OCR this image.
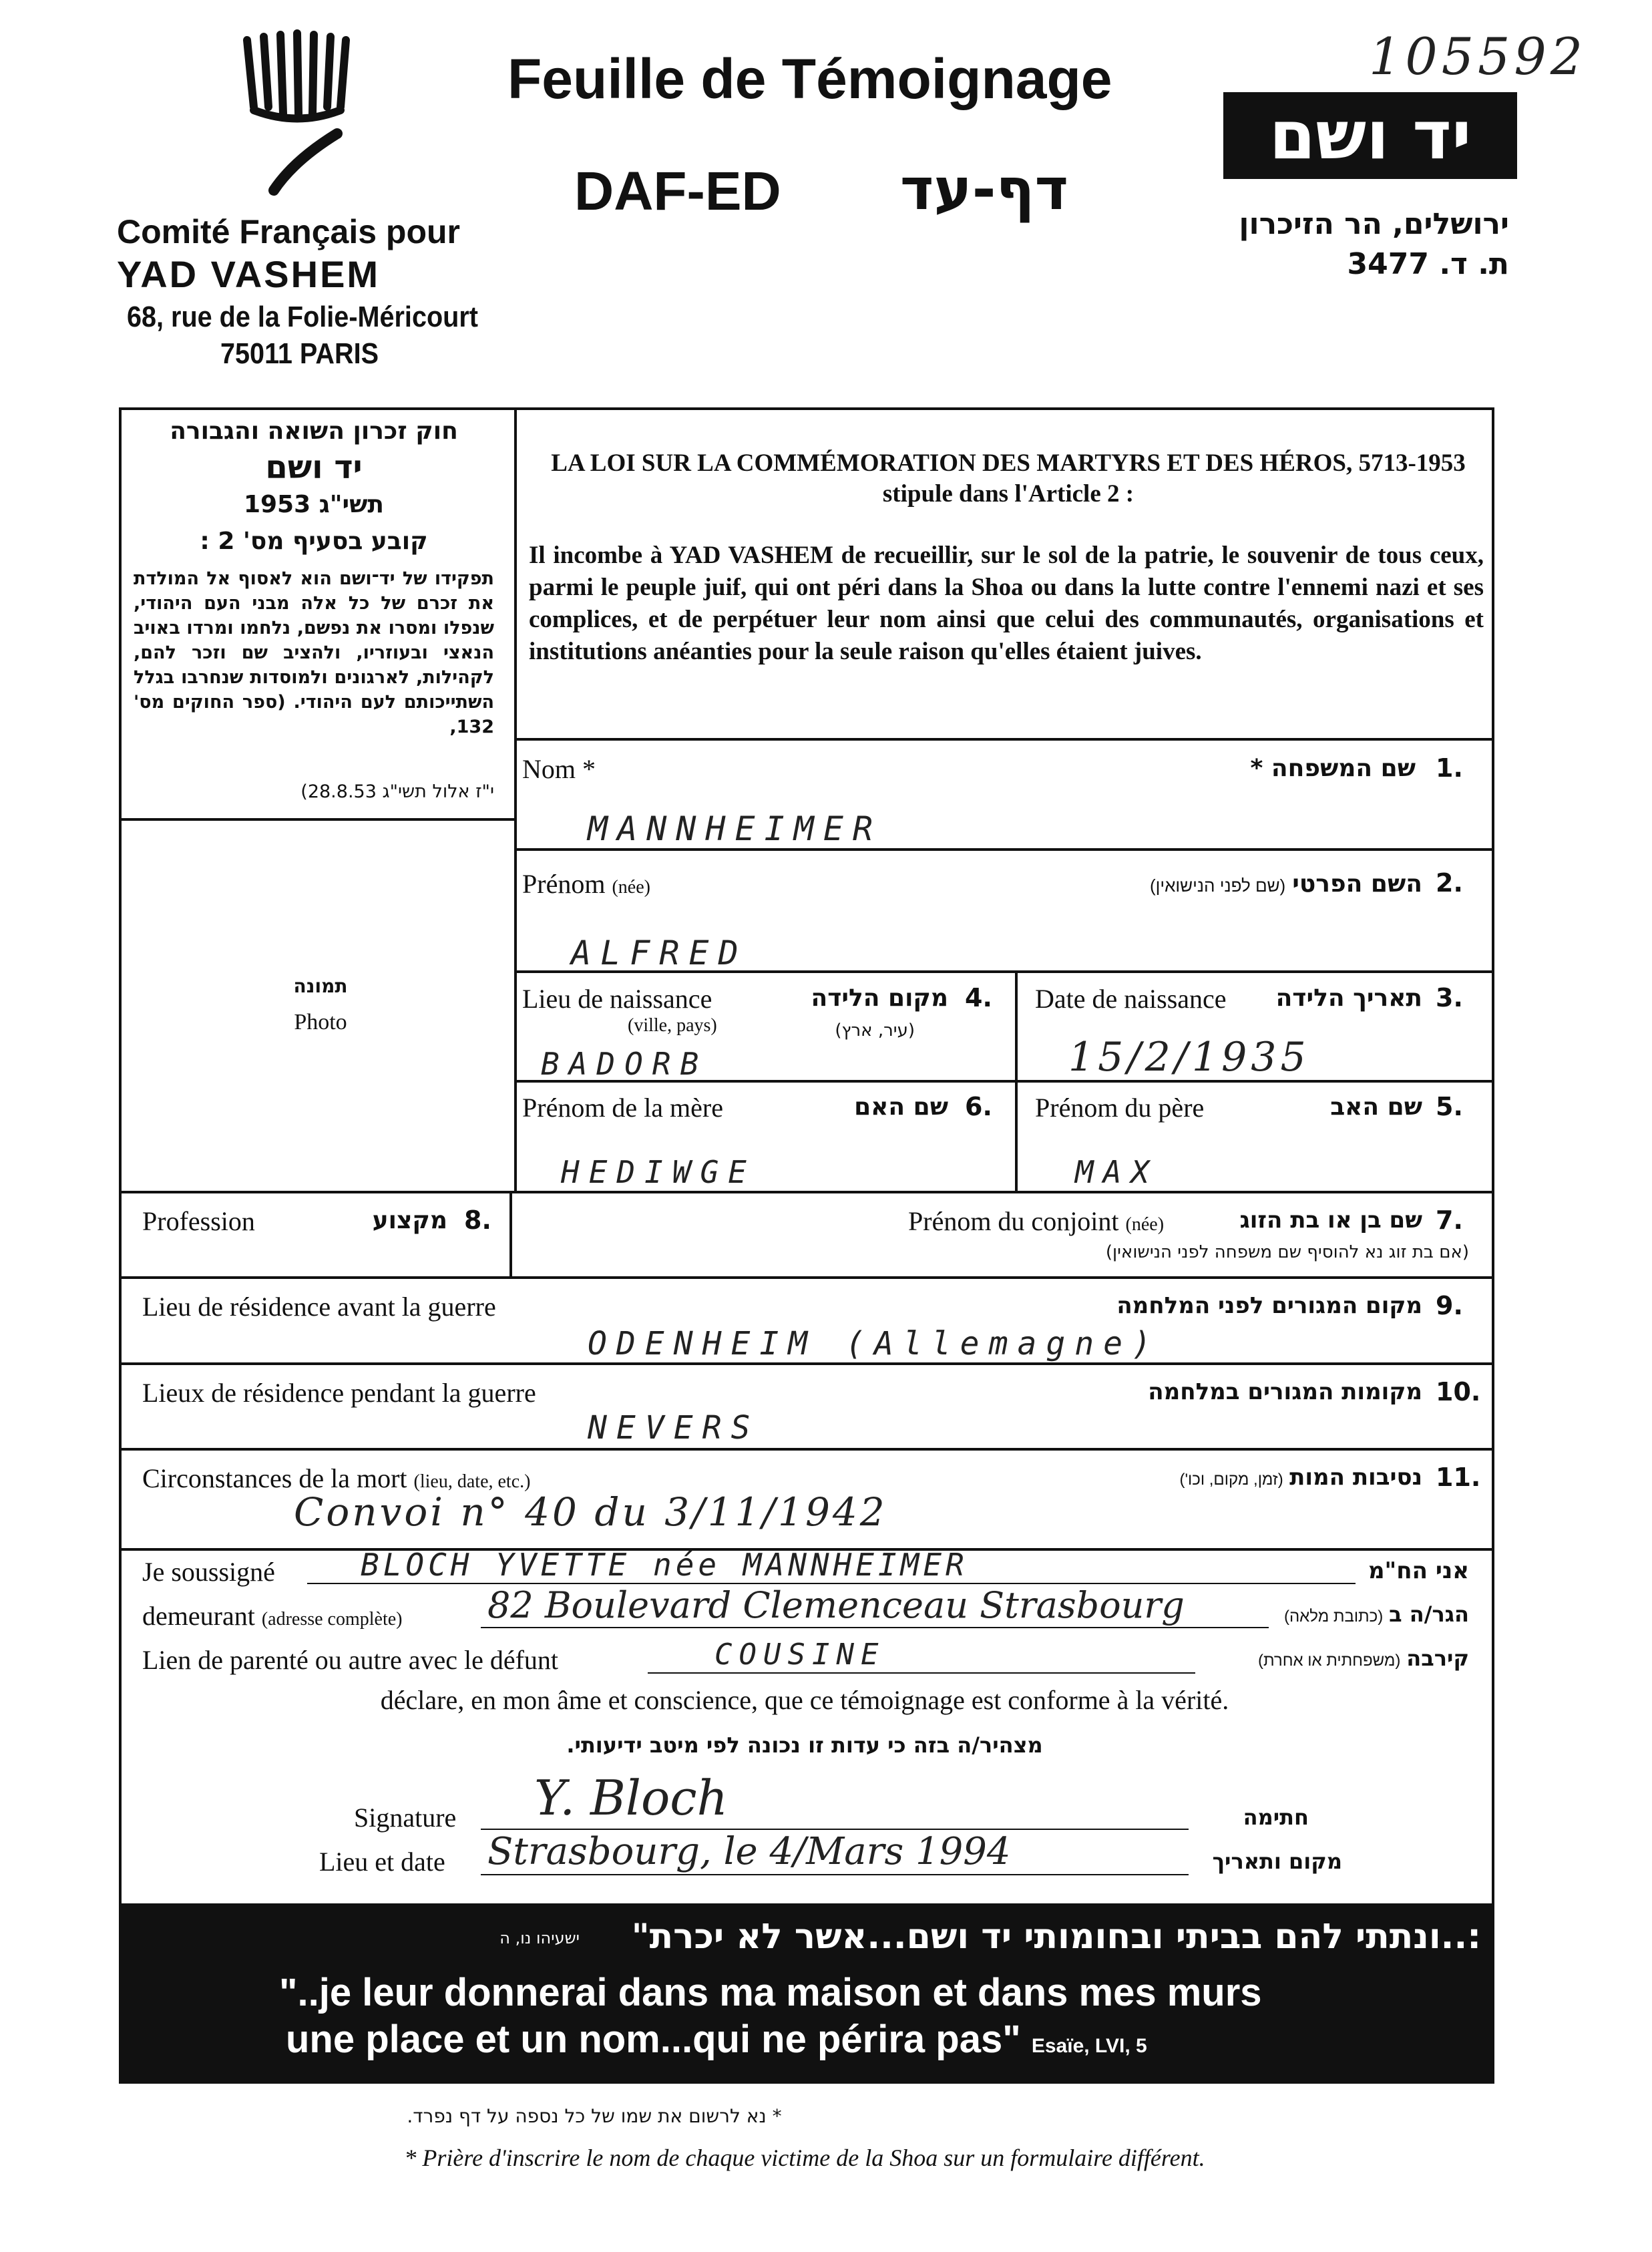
Comité Français pour
YAD VASHEM
68, rue de la Folie-Méricourt
75011 PARIS
Feuille de Témoignage
DAF-ED	דף-עד
יד ושם
ירושלים, הר הזיכרון
ת. ד. 3477
105592
חוק זכרון השואה והגבורה
יד ושם
תשי"ג 1953
קובע בסעיף מס' 2 :
תפקידו של יד־ושם הוא לאסוף אל המולדת את זכרם של כל אלה מבני העם היהודי, שנפלו ומסרו את נפשם, נלחמו ומרדו באויב הנאצי ובעוזריו, ולהציב שם וזכר להם, לקהילות, לארגונים ולמוסדות שנחרבו בגלל השתייכותם לעם היהודי. (ספר החוקים מס' 132,
י"ז אלול תשי"ג 28.8.53)
LA LOI SUR LA COMMÉMORATION DES MARTYRS ET DES HÉROS, 5713-1953
stipule dans l'Article 2 :
Il incombe à YAD VASHEM de recueillir, sur le sol de la patrie, le souvenir de tous ceux, parmi le peuple juif, qui ont péri dans la Shoa ou dans la lutte contre l'ennemi nazi et ses complices, et de perpétuer leur nom ainsi que celui des communautés, organisations et institutions anéanties pour la seule raison qu'elles étaient juives.
תמונה
Photo
Nom *	שם המשפחה * 1.
MANNHEIMER
Prénom (née)	השם הפרטי (שם לפני הנישואין)	2.
ALFRED
Lieu de naissance
(ville, pays)
מקום הלידה
(עיר, ארץ)
4.
BADORB
Date de naissance	תאריך הלידה 3.
15/2/1935
Prénom de la mère	שם האם 6.
HEDIWGE
Prénom du père	שם האב 5.
MAX
Profession	מקצוע 8.	Prénom du conjoint (née)	שם בן או בת הזוג
(אם בת זוג נא להוסיף שם משפחה לפני הנישואין)
7.
Lieu de résidence avant la guerre	מקום המגורים לפני המלחמה 9.
ODENHEIM (Allemagne)
Lieux de résidence pendant la guerre	מקומות המגורים במלחמה 10.
NEVERS
Circonstances de la mort (lieu, date, etc.)	נסיבות המות (זמן, מקום, וכו')	11.
Convoi n° 40 du 3/11/1942
Je soussigné	BLOCH YVETTE née MANNHEIMER	אני הח"מ
demeurant (adresse complète) 82 Boulevard Clemenceau Strasbourg	הגר/ה ב (כתובת מלאה)
Lien de parenté ou autre avec le défunt	COUSINE	קירבה (משפחתית או אחרת)
déclare, en mon âme et conscience, que ce témoignage est conforme à la vérité.
מצהיר/ה בזה כי עדות זו נכונה לפי מיטב ידיעותי.
Signature Y. Bloch	חתימה
Lieu et date Strasbourg, le 4/Mars 1994	מקום ותאריך
:..ונתתי להם בביתי ובחומותי יד ושם...אשר לא יכרת"
ישעיהו נו, ה
"..je leur donnerai dans ma maison et dans mes murs
une place et un nom...qui ne périra pas" Esaïe, LVI, 5
* נא לרשום את שמו של כל נספה על דף נפרד.
* Prière d'inscrire le nom de chaque victime de la Shoa sur un formulaire différent.
